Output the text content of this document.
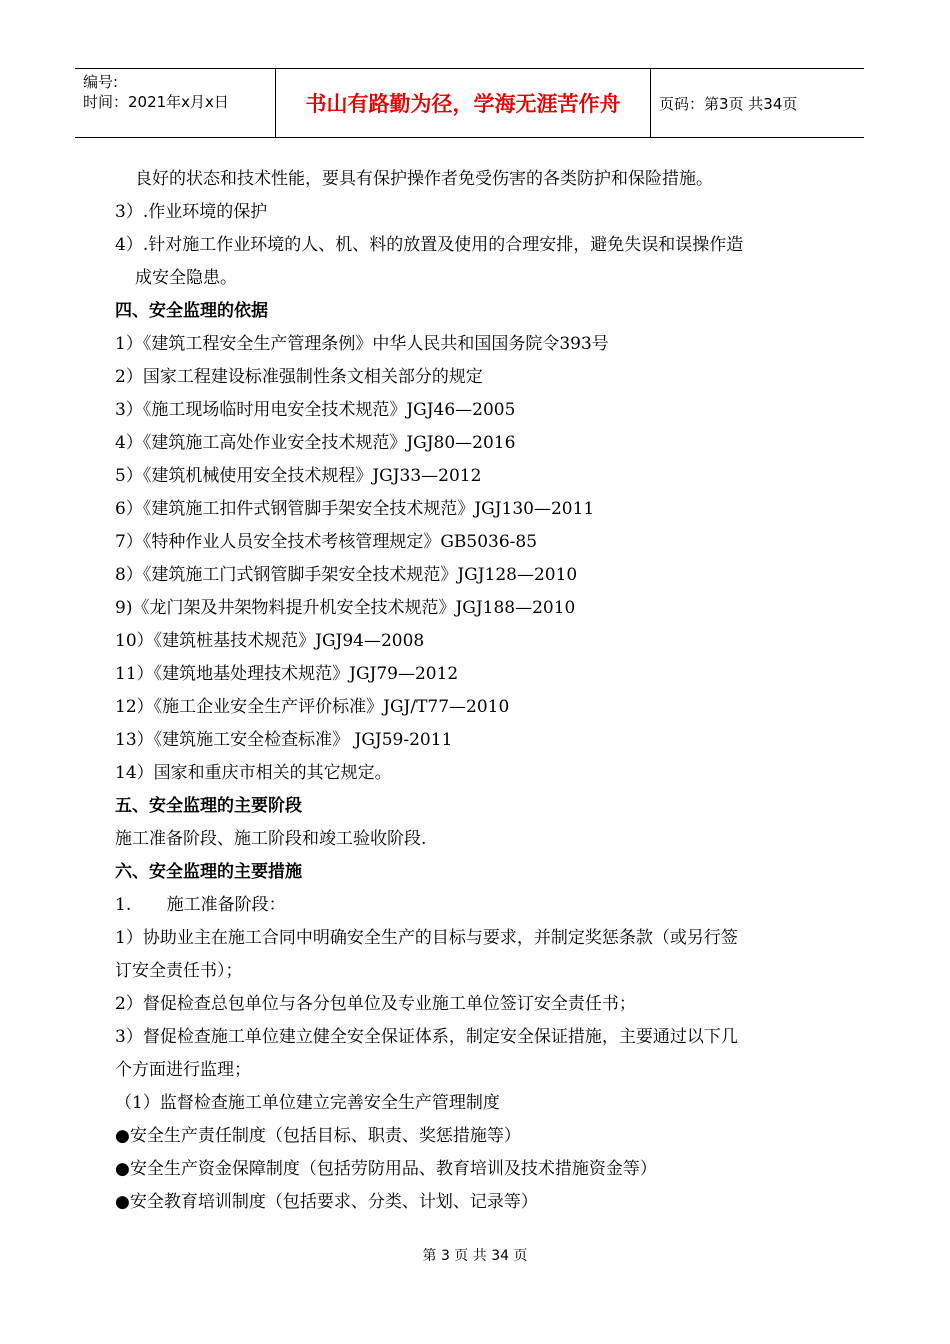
编号:
时间：2021年x月x日	书山有路勤为径，学海无涯苦作舟	页码：第3页 共34页
良好的状态和技术性能，要具有保护操作者免受伤害的各类防护和保险措施。
3）.作业环境的保护
4）.针对施工作业环境的人、机、料的放置及使用的合理安排，避免失误和误操作造
成安全隐患。
四、安全监理的依据
1）《建筑工程安全生产管理条例》中华人民共和国国务院令393号
2）国家工程建设标准强制性条文相关部分的规定
3）《施工现场临时用电安全技术规范》JGJ46—2005
4）《建筑施工高处作业安全技术规范》JGJ80—2016
5）《建筑机械使用安全技术规程》JGJ33—2012
6）《建筑施工扣件式钢管脚手架安全技术规范》JGJ130—2011
7）《特种作业人员安全技术考核管理规定》GB5036-85
8）《建筑施工门式钢管脚手架安全技术规范》JGJ128—2010
9)《龙门架及井架物料提升机安全技术规范》JGJ188—2010
10）《建筑桩基技术规范》JGJ94—2008
11）《建筑地基处理技术规范》JGJ79—2012
12）《施工企业安全生产评价标准》JGJ/T77—2010
13）《建筑施工安全检查标准》 JGJ59-2011
14）国家和重庆市相关的其它规定。
五、安全监理的主要阶段
施工准备阶段、施工阶段和竣工验收阶段.
六、安全监理的主要措施
1. 施工准备阶段：
1）协助业主在施工合同中明确安全生产的目标与要求，并制定奖惩条款（或另行签
订安全责任书）；
2）督促检查总包单位与各分包单位及专业施工单位签订安全责任书；
3）督促检查施工单位建立健全安全保证体系，制定安全保证措施，主要通过以下几
个方面进行监理；
（1）监督检查施工单位建立完善安全生产管理制度
●安全生产责任制度（包括目标、职责、奖惩措施等）
●安全生产资金保障制度（包括劳防用品、教育培训及技术措施资金等）
●安全教育培训制度（包括要求、分类、计划、记录等）
第 3 页 共 34 页
